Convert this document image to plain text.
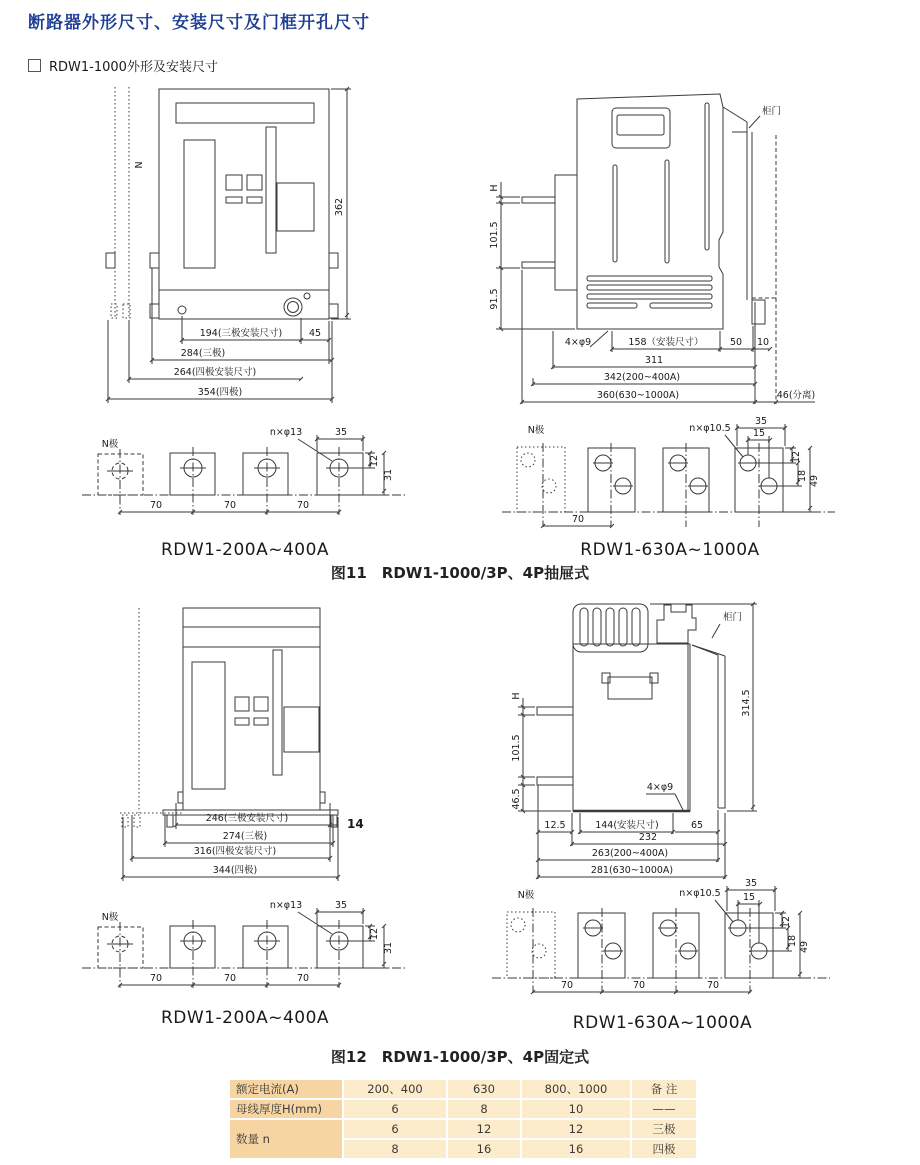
断路器外形尺寸、安装尺寸及门框开孔尺寸
RDW1-1000外形及安装尺寸
N
362
194(三极安装尺寸)	45
284(三极)
264(四极安装尺寸)
354(四极)
柜门
H
101.5
91.5
4×φ9	158（安装尺寸）	50 10
311
342(200~400A)
360(630~1000A)	46(分离)
N极
n×φ13	35
12
31
70	70	70
RDW1-200A~400A
N极	n×φ10.5
35
15
12
18 49
70
RDW1-630A~1000A
图11　RDW1-1000/3P、4P抽屉式
246(三极安装尺寸)	14
274(三极)
316(四极安装尺寸)
344(四极)
柜门
H
101.5
46.5
314.5
4×φ9
12.5	144(安装尺寸)	65
232
263(200~400A)
281(630~1000A)
N极
n×φ13	35
12
31
70	70	70
RDW1-200A~400A
N极	n×φ10.5
35
15
12
18 49
70	70	70
RDW1-630A~1000A
图12　RDW1-1000/3P、4P固定式
额定电流(A)	200、400	630	800、1000	备 注
母线厚度H(mm)	6	8	10	——
数量 n	6	12	12	三极
	8	16	16	四极
